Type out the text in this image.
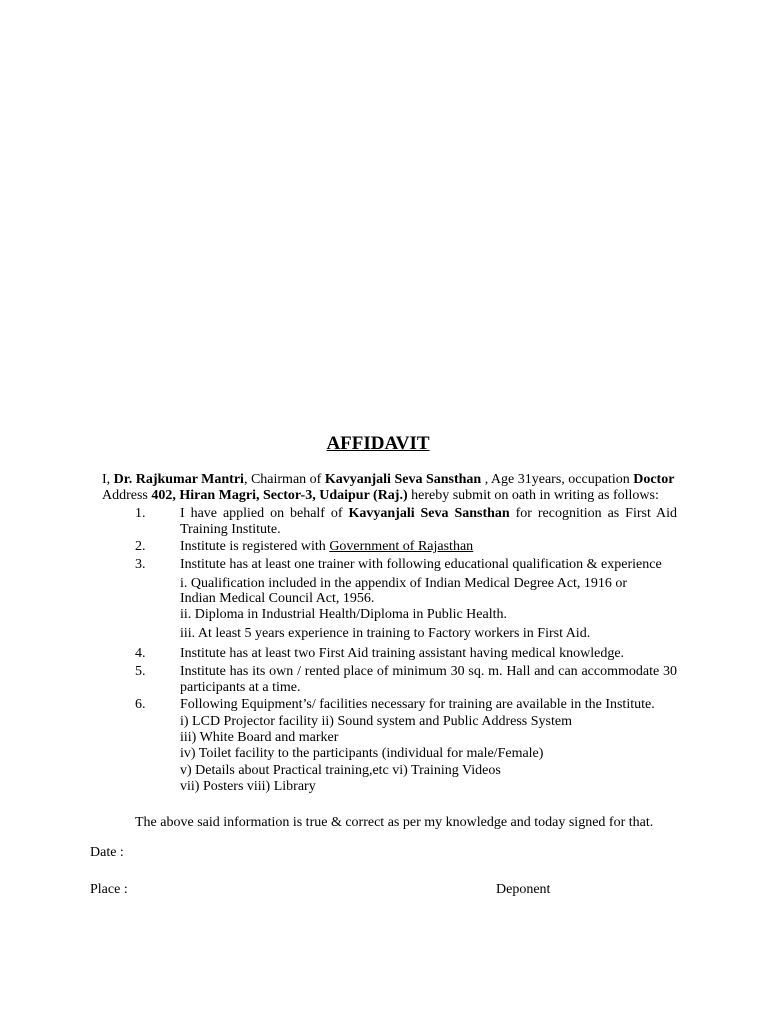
AFFIDAVIT

I, Dr. Rajkumar Mantri, Chairman of Kavyanjali Seva Sansthan , Age 31years, occupation Doctor

Address 402, Hiran Magri, Sector-3, Udaipur (Raj.) hereby submit on oath in writing as follows:

1.	I have applied on behalf of Kavyanjali Seva Sansthan for recognition as First Aid Training Institute.
2.	Institute is registered with Government of Rajasthan
3.	Institute has at least one trainer with following educational qualification & experience
i. Qualification included in the appendix of Indian Medical Degree Act, 1916 or
Indian Medical Council Act, 1956.
ii. Diploma in Industrial Health/Diploma in Public Health.
iii. At least 5 years experience in training to Factory workers in First Aid.
4.	Institute has at least two First Aid training assistant having medical knowledge.
5.	Institute has its own / rented place of minimum 30 sq. m. Hall and can accommodate 30 participants at a time.
6.	Following Equipment’s/ facilities necessary for training are available in the Institute.
i) LCD Projector facility ii) Sound system and Public Address System
iii) White Board and marker
iv) Toilet facility to the participants (individual for male/Female)
v) Details about Practical training,etc vi) Training Videos
vii) Posters viii) Library
The above said information is true & correct as per my knowledge and today signed for that.
Date :
Place :	Deponent
